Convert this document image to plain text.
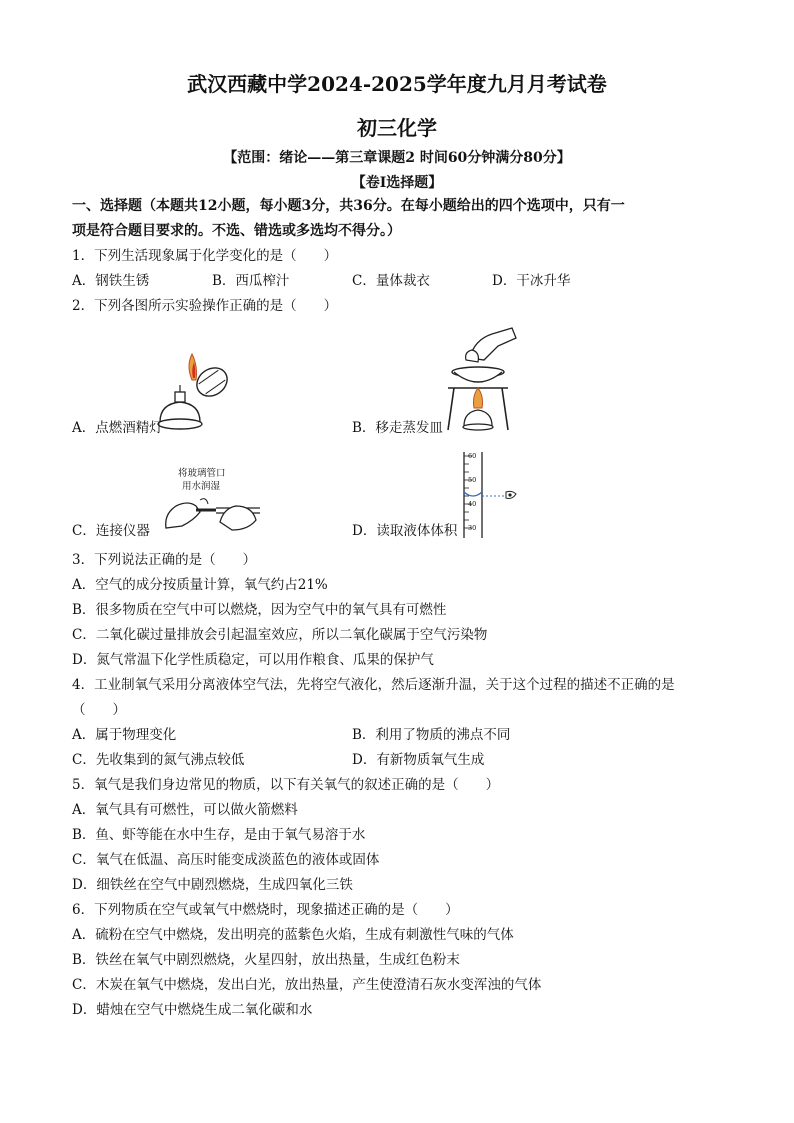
武汉西藏中学2024-2025学年度九月月考试卷
初三化学
【范围：绪论——第三章课题2 时间60分钟满分80分】
【卷Ⅰ选择题】
一、选择题（本题共12小题，每小题3分，共36分。在每小题给出的四个选项中，只有一
项是符合题目要求的。不选、错选或多选均不得分。）
1．下列生活现象属于化学变化的是（　　）
A．钢铁生锈	B．西瓜榨汁	C．量体裁衣	D．干冰升华
2．下列各图所示实验操作正确的是（　　）
A．点燃酒精灯	B．移走蒸发皿
将玻璃管口
用水润湿
C．连接仪器
60
50
40
30
D．读取液体体积
3．下列说法正确的是（　　）
A．空气的成分按质量计算，氧气约占21%
B．很多物质在空气中可以燃烧，因为空气中的氧气具有可燃性
C．二氧化碳过量排放会引起温室效应，所以二氧化碳属于空气污染物
D．氮气常温下化学性质稳定，可以用作粮食、瓜果的保护气
4．工业制氧气采用分离液体空气法，先将空气液化，然后逐渐升温，关于这个过程的描述不正确的是
（　　）
A．属于物理变化	B．利用了物质的沸点不同
C．先收集到的氮气沸点较低	D．有新物质氧气生成
5．氧气是我们身边常见的物质，以下有关氧气的叙述正确的是（　　）
A．氧气具有可燃性，可以做火箭燃料
B．鱼、虾等能在水中生存，是由于氧气易溶于水
C．氧气在低温、高压时能变成淡蓝色的液体或固体
D．细铁丝在空气中剧烈燃烧，生成四氧化三铁
6．下列物质在空气或氧气中燃烧时，现象描述正确的是（　　）
A．硫粉在空气中燃烧，发出明亮的蓝紫色火焰，生成有刺激性气味的气体
B．铁丝在氧气中剧烈燃烧，火星四射，放出热量，生成红色粉末
C．木炭在氧气中燃烧，发出白光，放出热量，产生使澄清石灰水变浑浊的气体
D．蜡烛在空气中燃烧生成二氧化碳和水
